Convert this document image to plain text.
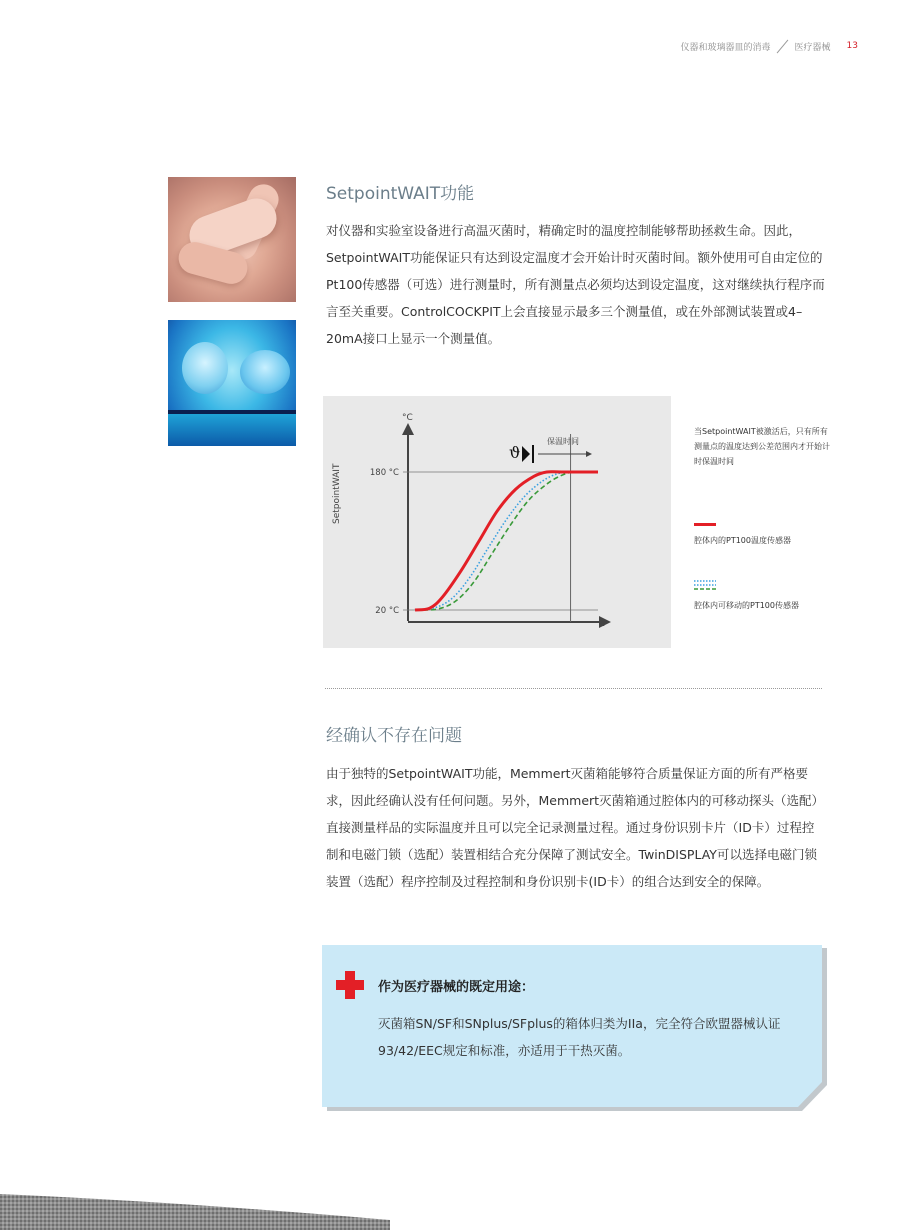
仪器和玻璃器皿的消毒	医疗器械 13
SetpointWAIT功能

对仪器和实验室设备进行高温灭菌时，精确定时的温度控制能够帮助拯救生命。因此，SetpointWAIT功能保证只有达到设定温度才会开始计时灭菌时间。额外使用可自由定位的Pt100传感器（可选）进行测量时，所有测量点必须均达到设定温度，这对继续执行程序而言至关重要。ControlCOCKPIT上会直接显示最多三个测量值，或在外部测试装置或4–20mA接口上显示一个测量值。

SetpointWAIT
°C
t
180 °C
20 °C
ϑ
保温时间

当SetpointWAIT被激活后，只有所有测量点的温度达到公差范围内才开始计时保温时间

腔体内的PT100温度传感器
腔体内可移动的PT100传感器
经确认不存在问题

由于独特的SetpointWAIT功能，Memmert灭菌箱能够符合质量保证方面的所有严格要求，因此经确认没有任何问题。另外，Memmert灭菌箱通过腔体内的可移动探头（选配）直接测量样品的实际温度并且可以完全记录测量过程。通过身份识别卡片（ID卡）过程控制和电磁门锁（选配）装置相结合充分保障了测试安全。TwinDISPLAY可以选择电磁门锁装置（选配）程序控制及过程控制和身份识别卡(ID卡）的组合达到安全的保障。

作为医疗器械的既定用途：

灭菌箱SN/SF和SNplus/SFplus的箱体归类为IIa，完全符合欧盟器械认证93/42/EEC规定和标准，亦适用于干热灭菌。
